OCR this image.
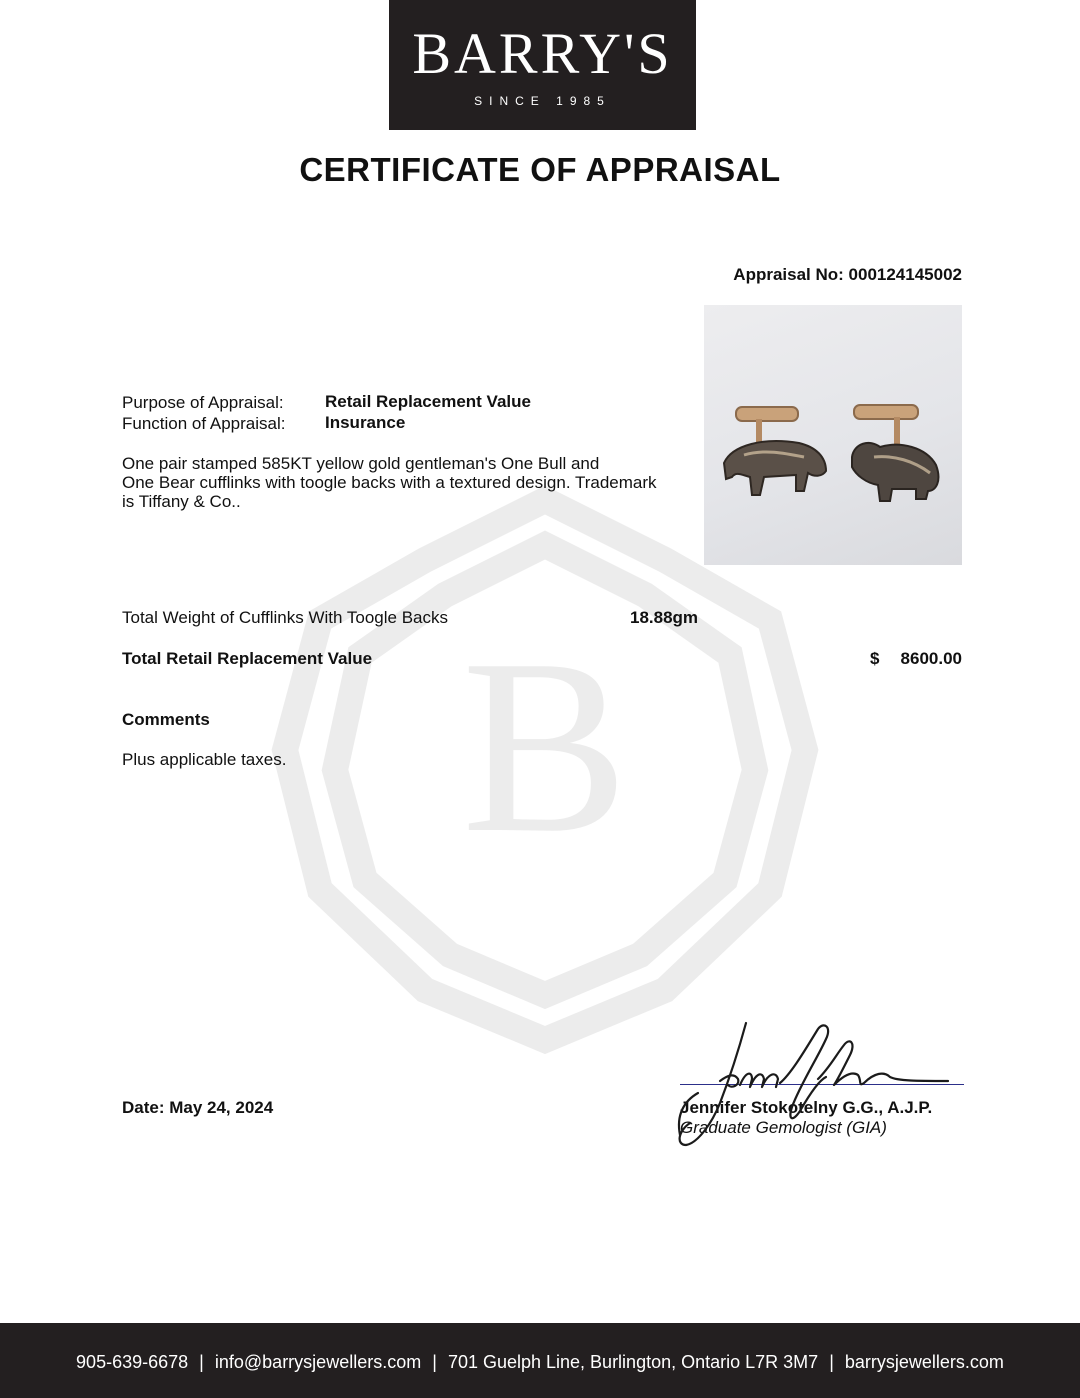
B
BARRY'S
SINCE 1985
CERTIFICATE OF APPRAISAL
Appraisal No: 000124145002
Purpose of Appraisal: Retail Replacement Value
Function of Appraisal: Insurance
One pair stamped 585KT yellow gold gentleman's One Bull and
One Bear cufflinks with toogle backs with a textured design. Trademark
is Tiffany & Co..
Total Weight of Cufflinks With Toogle Backs	18.88gm
Total Retail Replacement Value	$ 8600.00
Comments
Plus applicable taxes.
Date: May 24, 2024	Jennifer Stokotelny G.G., A.J.P.
Graduate Gemologist (GIA)
905-639-6678 | info@barrysjewellers.com | 701 Guelph Line, Burlington, Ontario L7R 3M7 | barrysjewellers.com
